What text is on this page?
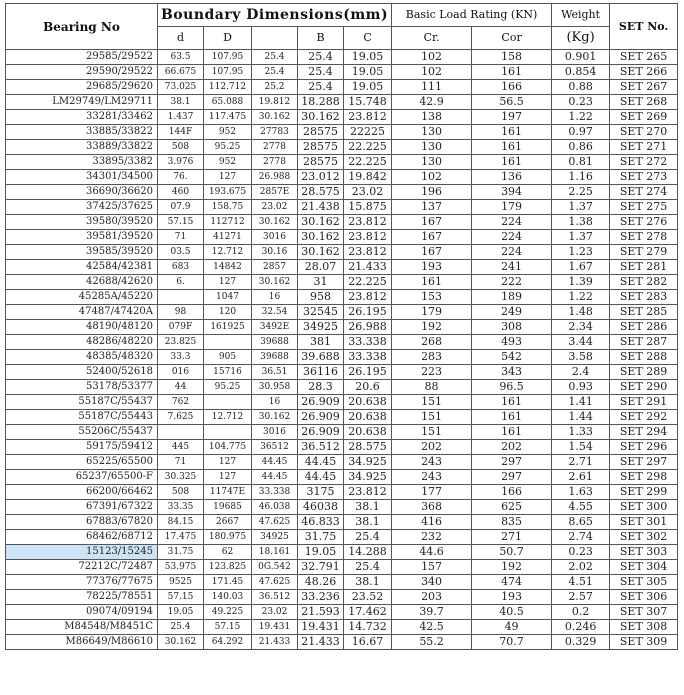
Bearing No	Boundary Dimensions(mm)					Basic Load Rating (KN)		Weight	SET No.
	d	D		B	C	Cr.	Cor	(Kg)	
29585/29522	63.5	107.95	25.4	25.4	19.05	102	158	0.901	SET 265
29590/29522	66.675	107.95	25.4	25.4	19.05	102	161	0.854	SET 266
29685/29620	73.025	112.712	25.2	25.4	19.05	111	166	0.88	SET 267
LM29749/LM29711	38.1	65.088	19.812	18.288	15.748	42.9	56.5	0.23	SET 268
33281/33462	1.437	117.475	30.162	30.162	23.812	138	197	1.22	SET 269
33885/33822	144F	952	27783	28575	22225	130	161	0.97	SET 270
33889/33822	508	95.25	2778	28575	22.225	130	161	0.86	SET 271
33895/3382	3.976	952	2778	28575	22.225	130	161	0.81	SET 272
34301/34500	76.	127	26.988	23.012	19.842	102	136	1.16	SET 273
36690/36620	460	193.675	2857E	28.575	23.02	196	394	2.25	SET 274
37425/37625	07.9	158.75	23.02	21.438	15.875	137	179	1.37	SET 275
39580/39520	57.15	112712	30.162	30.162	23.812	167	224	1.38	SET 276
39581/39520	71	41271	3016	30.162	23.812	167	224	1.37	SET 278
39585/39520	03.5	12.712	30.16	30.162	23.812	167	224	1.23	SET 279
42584/42381	683	14842	2857	28.07	21.433	193	241	1.67	SET 281
42688/42620	6.	127	30.162	31	22.225	161	222	1.39	SET 282
45285A/45220		1047	16	958	23.812	153	189	1.22	SET 283
47487/47420A	98	120	32.54	32545	26.195	179	249	1.48	SET 285
48190/48120	079F	161925	3492E	34925	26.988	192	308	2.34	SET 286
48286/48220	23.825		39688	381	33.338	268	493	3.44	SET 287
48385/48320	33.3	905	39688	39.688	33.338	283	542	3.58	SET 288
52400/52618	016	15716	36.51	36116	26.195	223	343	2.4	SET 289
53178/53377	44	95.25	30.958	28.3	20.6	88	96.5	0.93	SET 290
55187C/55437	762		16	26.909	20.638	151	161	1.41	SET 291
55187C/55443	7.625	12.712	30.162	26.909	20.638	151	161	1.44	SET 292
55206C/55437			3016	26.909	20.638	151	161	1.33	SET 294
59175/59412	445	104.775	36512	36.512	28.575	202	202	1.54	SET 296
65225/65500	71	127	44.45	44.45	34.925	243	297	2.71	SET 297
65237/65500-F	30.325	127	44.45	44.45	34.925	243	297	2.61	SET 298
66200/66462	508	11747E	33.338	3175	23.812	177	166	1.63	SET 299
67391/67322	33.35	19685	46.038	46038	38.1	368	625	4.55	SET 300
67883/67820	84.15	2667	47.625	46.833	38.1	416	835	8.65	SET 301
68462/68712	17.475	180.975	34925	31.75	25.4	232	271	2.74	SET 302
15123/15245	31.75	62	18.161	19.05	14.288	44.6	50.7	0.23	SET 303
72212C/72487	53.975	123.825	0G.542	32.791	25.4	157	192	2.02	SET 304
77376/77675	9525	171.45	47.625	48.26	38.1	340	474	4.51	SET 305
78225/78551	57.15	140.03	36.512	33.236	23.52	203	193	2.57	SET 306
09074/09194	19.05	49.225	23.02	21.593	17.462	39.7	40.5	0.2	SET 307
M84548/M8451C	25.4	57.15	19.431	19.431	14.732	42.5	49	0.246	SET 308
M86649/M86610	30.162	64.292	21.433	21.433	16.67	55.2	70.7	0.329	SET 309
